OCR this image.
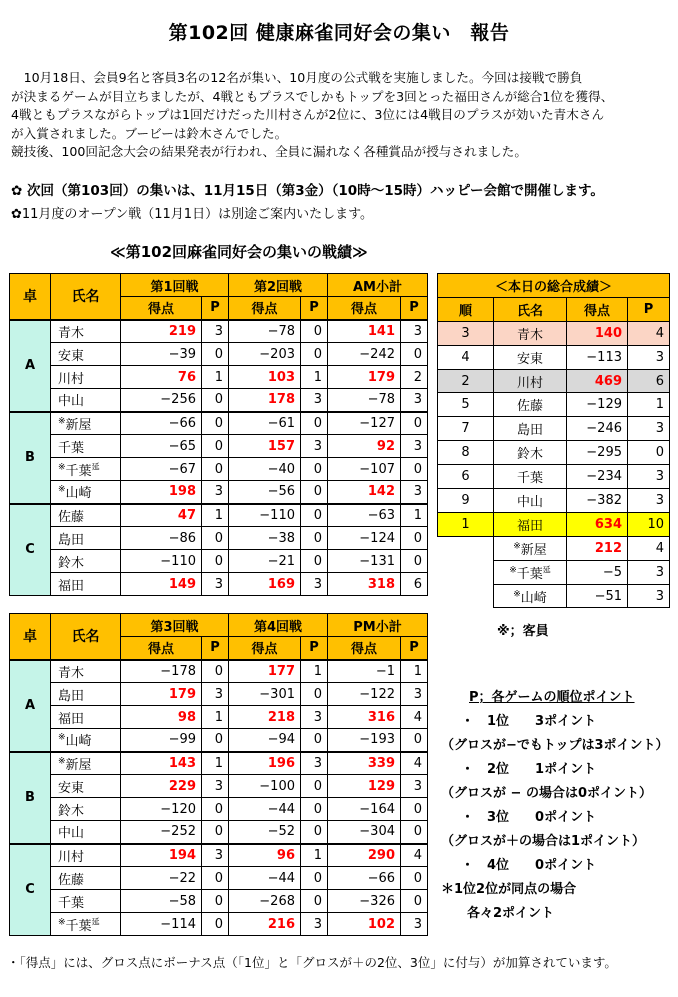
第102回 健康麻雀同好会の集い　報告

　10月18日、会員9名と客員3名の12名が集い、10月度の公式戦を実施しました。今回は接戦で勝負

が決まるゲームが目立ちましたが、4戦ともプラスでしかもトップを3回とった福田さんが総合1位を獲得、

4戦ともプラスながらトップは1回だけだった川村さんが2位に、3位には4戦目のプラスが効いた青木さん

が入賞されました。ブービーは鈴木さんでした。

競技後、100回記念大会の結果発表が行われ、全員に漏れなく各種賞品が授与されました。

✿ 次回（第103回）の集いは、11月15日（第3金）（10時〜15時）ハッピー会館で開催します。
✿11月度のオープン戦（11月1日）は別途ご案内いたします。
≪第102回麻雀同好会の集いの戦績≫
卓	氏名	第1回戦		第2回戦		AM小計	
		得点	P	得点	P	得点	P
A	青木	219	3	−78	0	141	3
	安東	−39	0	−203	0	−242	0
	川村	76	1	103	1	179	2
	中山	−256	0	178	3	−78	3
B	※新屋	−66	0	−61	0	−127	0
	千葉	−65	0	157	3	92	3
	※千葉$^延$	−67	0	−40	0	−107	0
	※山崎	198	3	−56	0	142	3
C	佐藤	47	1	−110	0	−63	1
	島田	−86	0	−38	0	−124	0
	鈴木	−110	0	−21	0	−131	0
	福田	149	3	169	3	318	6
卓	氏名	第3回戦		第4回戦		PM小計	
		得点	P	得点	P	得点	P
A	青木	−178	0	177	1	−1	1
	島田	179	3	−301	0	−122	3
	福田	98	1	218	3	316	4
	※山崎	−99	0	−94	0	−193	0
B	※新屋	143	1	196	3	339	4
	安東	229	3	−100	0	129	3
	鈴木	−120	0	−44	0	−164	0
	中山	−252	0	−52	0	−304	0
C	川村	194	3	96	1	290	4
	佐藤	−22	0	−44	0	−66	0
	千葉	−58	0	−268	0	−326	0
	※千葉$^延$	−114	0	216	3	102	3
＜本日の総合成績＞			
順	氏名	得点	P
3	青木	140	4
4	安東	−113	3
2	川村	469	6
5	佐藤	−129	1
7	島田	−246	3
8	鈴木	−295	0
6	千葉	−234	3
9	中山	−382	3
1	福田	634	10
	※新屋	212	4
	※千葉$^延$	−5	3
	※山崎	−51	3
※；客員
P；各ゲームの順位ポイント
・　1位　　3ポイント
（グロスが−でもトップは3ポイント）
・　2位　　1ポイント
（グロスが − の場合は0ポイント）
・　3位　　0ポイント
（グロスが＋の場合は1ポイント）
・　4位　　0ポイント
＊1位2位が同点の場合
各々2ポイント
・「得点」には、グロス点にボーナス点（「1位」と「グロスが＋の2位、3位」に付与）が加算されています。
